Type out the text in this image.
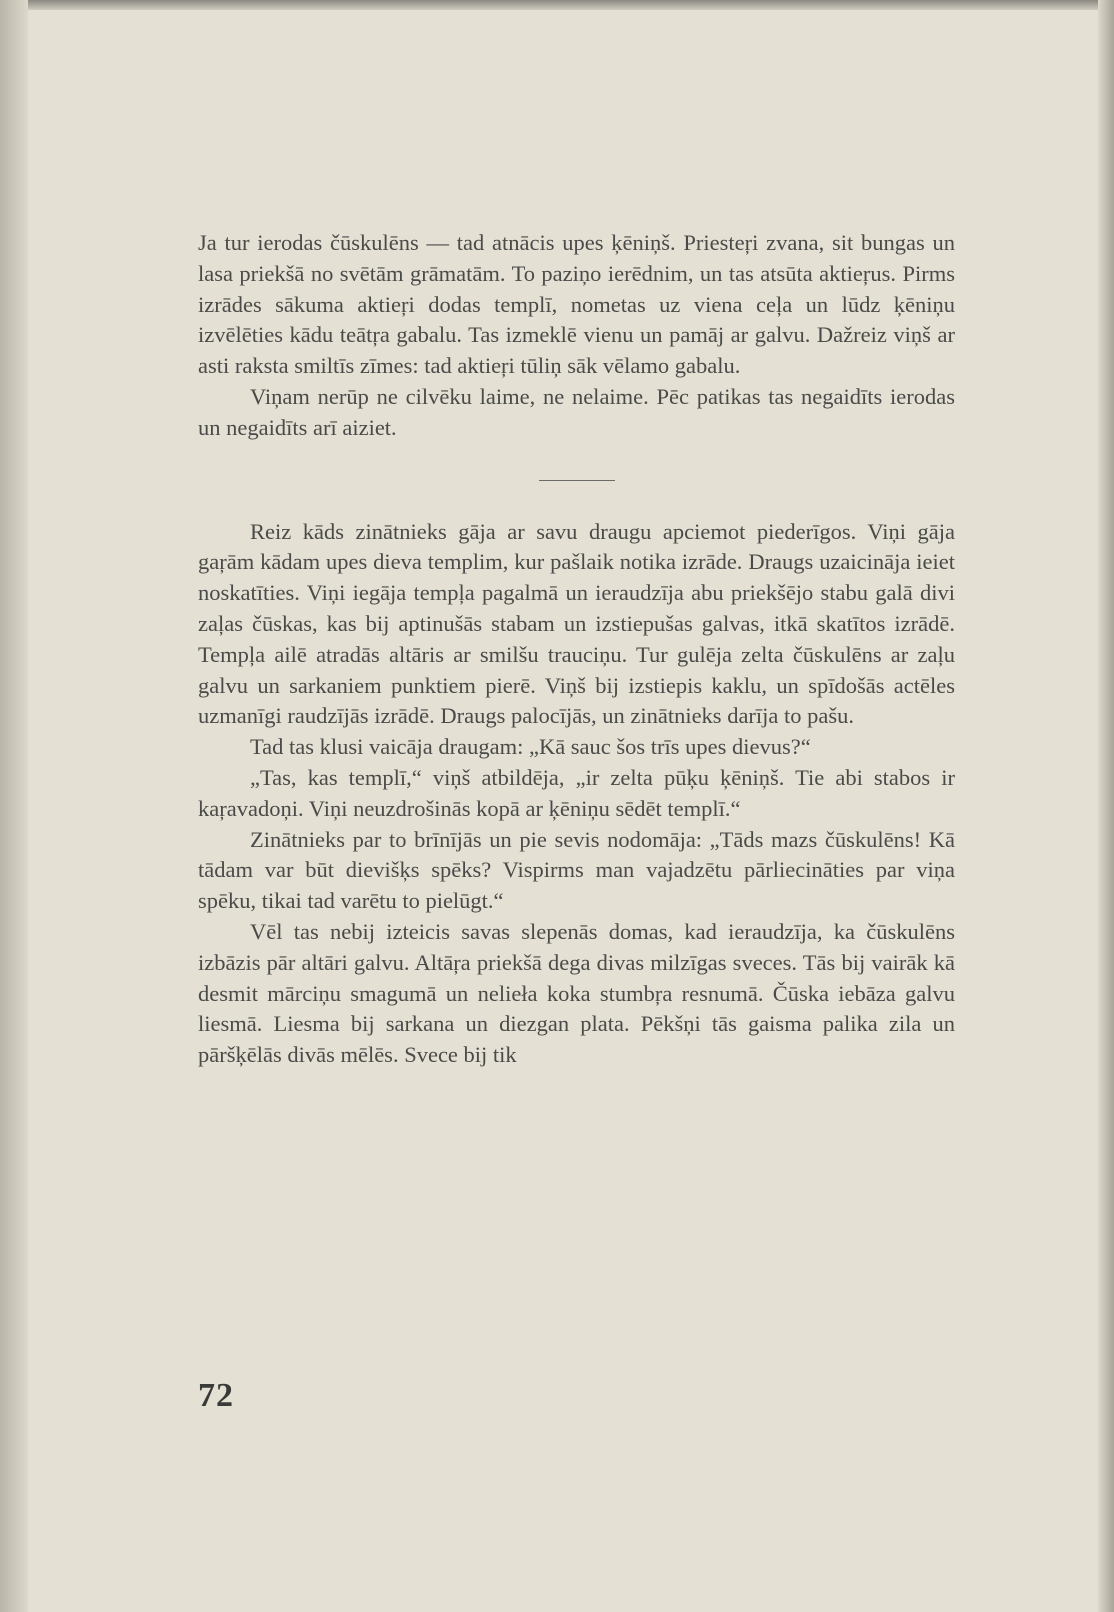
Ja tur ierodas čūskulēns — tad atnācis upes ķēniņš. Priesteŗi zvana, sit bungas un lasa priekšā no svētām grāmatām. To paziņo ierēdnim, un tas atsūta aktieŗus. Pirms izrādes sākuma aktieŗi dodas templī, nometas uz viena ceļa un lūdz ķēniņu izvēlēties kādu teātŗa gabalu. Tas izmeklē vienu un pamāj ar galvu. Dažreiz viņš ar asti raksta smiltīs zīmes: tad aktieŗi tūliņ sāk vēlamo gabalu.

Viņam nerūp ne cilvēku laime, ne nelaime. Pēc patikas tas negaidīts ierodas un negaidīts arī aiziet.

Reiz kāds zinātnieks gāja ar savu draugu apciemot piederīgos. Viņi gāja gaŗām kādam upes dieva templim, kur pašlaik notika izrāde. Draugs uzaicināja ieiet noskatīties. Viņi iegāja tempļa pagalmā un ieraudzīja abu priekšējo stabu galā divi zaļas čūskas, kas bij aptinušās stabam un izstiepušas galvas, itkā skatītos izrādē. Tempļa ailē atradās altāris ar smilšu trauciņu. Tur gulēja zelta čūskulēns ar zaļu galvu un sarkaniem punktiem pierē. Viņš bij izstiepis kaklu, un spīdošās actēles uzmanīgi raudzījās izrādē. Draugs palocījās, un zinātnieks darīja to pašu.

Tad tas klusi vaicāja draugam: „Kā sauc šos trīs upes dievus?“

„Tas, kas templī,“ viņš atbildēja, „ir zelta pūķu ķēniņš. Tie abi stabos ir kaŗavadoņi. Viņi neuzdrošinās kopā ar ķēniņu sēdēt templī.“

Zinātnieks par to brīnījās un pie sevis nodomāja: „Tāds mazs čūskulēns! Kā tādam var būt dievišķs spēks? Vispirms man vajadzētu pārliecināties par viņa spēku, tikai tad varētu to pielūgt.“

Vēl tas nebij izteicis savas slepenās domas, kad ieraudzīja, ka čūskulēns izbāzis pār altāri galvu. Altāŗa priekšā dega divas milzīgas sveces. Tās bij vairāk kā desmit mārciņu smagumā un nelieła koka stumbŗa resnumā. Čūska iebāza galvu liesmā. Liesma bij sarkana un diezgan plata. Pēkšņi tās gaisma palika zila un pāršķēlās divās mēlēs. Svece bij tik

72
